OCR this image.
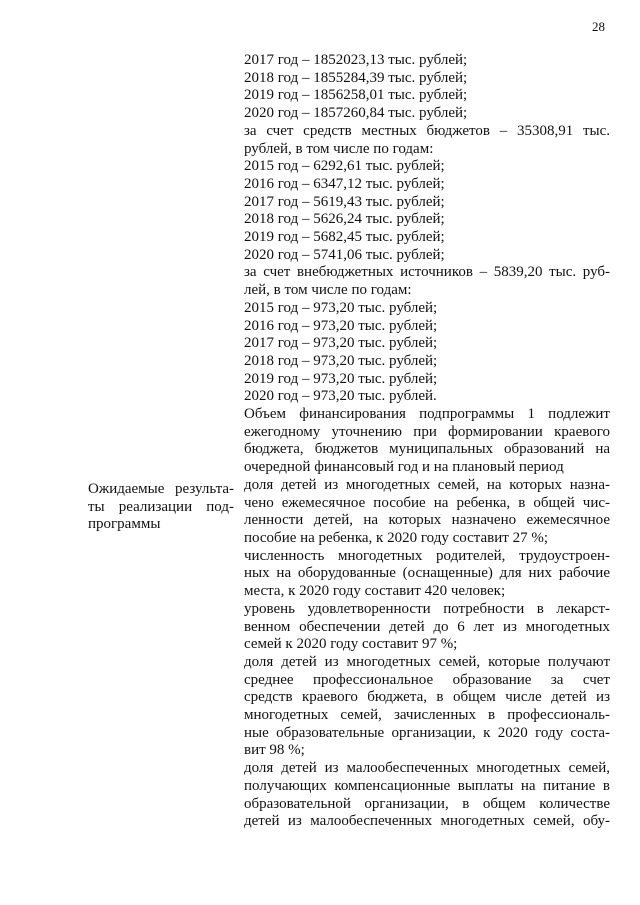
28
Ожидаемые результа-
ты реализации под-
программы
2017 год – 1852023,13 тыс. рублей;
2018 год – 1855284,39 тыс. рублей;
2019 год – 1856258,01 тыс. рублей;
2020 год – 1857260,84 тыс. рублей;
за счет средств местных бюджетов – 35308,91 тыс.
рублей, в том числе по годам:
2015 год – 6292,61 тыс. рублей;
2016 год – 6347,12 тыс. рублей;
2017 год – 5619,43 тыс. рублей;
2018 год – 5626,24 тыс. рублей;
2019 год – 5682,45 тыс. рублей;
2020 год – 5741,06 тыс. рублей;
за счет внебюджетных источников – 5839,20 тыс. руб-
лей, в том числе по годам:
2015 год – 973,20 тыс. рублей;
2016 год – 973,20 тыс. рублей;
2017 год – 973,20 тыс. рублей;
2018 год – 973,20 тыс. рублей;
2019 год – 973,20 тыс. рублей;
2020 год – 973,20 тыс. рублей.
Объем финансирования подпрограммы 1 подлежит
ежегодному уточнению при формировании краевого
бюджета, бюджетов муниципальных образований на
очередной финансовый год и на плановый период
доля детей из многодетных семей, на которых назна-
чено ежемесячное пособие на ребенка, в общей чис-
ленности детей, на которых назначено ежемесячное
пособие на ребенка, к 2020 году составит 27 %;
численность многодетных родителей, трудоустроен-
ных на оборудованные (оснащенные) для них рабочие
места, к 2020 году составит 420 человек;
уровень удовлетворенности потребности в лекарст-
венном обеспечении детей до 6 лет из многодетных
семей к 2020 году составит 97 %;
доля детей из многодетных семей, которые получают
среднее профессиональное образование за счет
средств краевого бюджета, в общем числе детей из
многодетных семей, зачисленных в профессиональ-
ные образовательные организации, к 2020 году соста-
вит 98 %;
доля детей из малообеспеченных многодетных семей,
получающих компенсационные выплаты на питание в
образовательной организации, в общем количестве
детей из малообеспеченных многодетных семей, обу-
